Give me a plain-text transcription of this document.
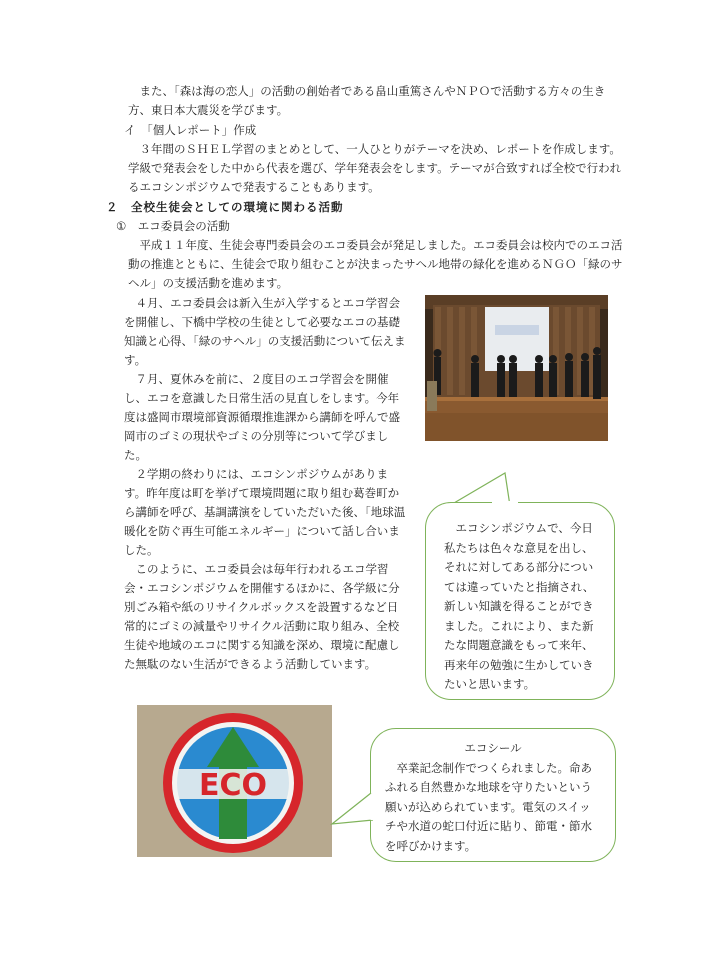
また、「森は海の恋人」の活動の創始者である畠山重篤さんやＮＰＯで活動する方々の生き方、東日本大震災を学びます。

イ　「個人レポート」作成

３年間のＳＨＥＬ学習のまとめとして、一人ひとりがテーマを決め、レポートを作成します。学級で発表会をした中から代表を選び、学年発表会をします。テーマが合致すれば全校で行われるエコシンポジウムで発表することもあります。

２　全校生徒会としての環境に関わる活動

①　エコ委員会の活動

平成１１年度、生徒会専門委員会のエコ委員会が発足しました。エコ委員会は校内でのエコ活動の推進とともに、生徒会で取り組むことが決まったサヘル地帯の緑化を進めるＮＧＯ「緑のサヘル」の支援活動を進めます。

４月、エコ委員会は新入生が入学するとエコ学習会を開催し、下橋中学校の生徒として必要なエコの基礎知識と心得、「緑のサヘル」の支援活動について伝えます。

７月、夏休みを前に、２度目のエコ学習会を開催し、エコを意識した日常生活の見直しをします。今年度は盛岡市環境部資源循環推進課から講師を呼んで盛岡市のゴミの現状やゴミの分別等について学びました。

２学期の終わりには、エコシンポジウムがあります。昨年度は町を挙げて環境問題に取り組む葛巻町から講師を呼び、基調講演をしていただいた後、「地球温暖化を防ぐ再生可能エネルギー」について話し合いました。

このように、エコ委員会は毎年行われるエコ学習会・エコシンポジウムを開催するほかに、各学級に分別ごみ箱や紙のリサイクルボックスを設置するなど日常的にゴミの減量やリサイクル活動に取り組み、全校生徒や地域のエコに関する知識を深め、環境に配慮した無駄のない生活ができるよう活動しています。

エコシンポジウムで、今日私たちは色々な意見を出し、それに対してある部分については違っていたと指摘され、新しい知識を得ることができました。これにより、また新たな問題意識をもって来年、再来年の勉強に生かしていきたいと思います。

ECO

エコシール

卒業記念制作でつくられました。命あふれる自然豊かな地球を守りたいという願いが込められています。電気のスイッチや水道の蛇口付近に貼り、節電・節水を呼びかけます。
